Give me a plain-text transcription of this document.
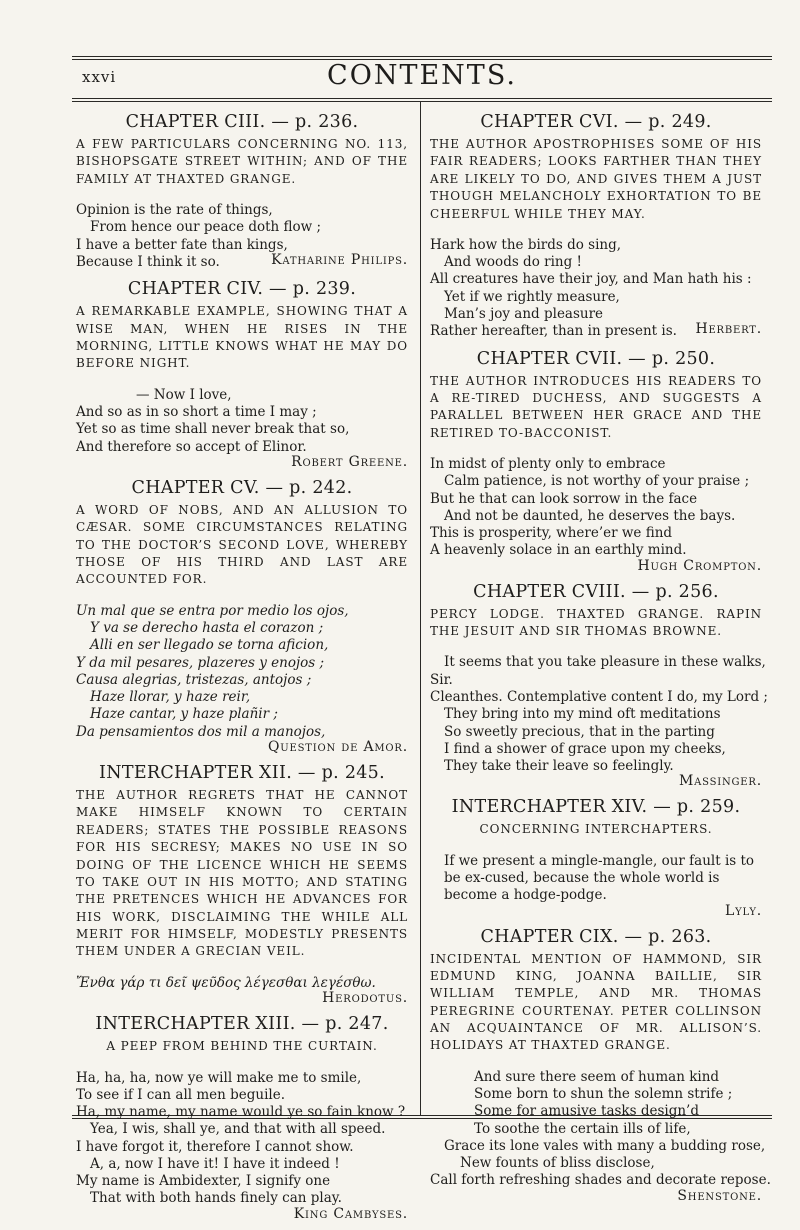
xxvi	CONTENTS.
CHAPTER CIII. — p. 236.
A FEW PARTICULARS CONCERNING NO. 113, BISHOPSGATE STREET WITHIN; AND OF THE FAMILY AT THAXTED GRANGE.
Opinion is the rate of things,
From hence our peace doth flow ;
I have a better fate than kings,
Because I think it so.	Katharine Philips.
CHAPTER CIV. — p. 239.
A REMARKABLE EXAMPLE, SHOWING THAT A WISE MAN, WHEN HE RISES IN THE MORNING, LITTLE KNOWS WHAT HE MAY DO BEFORE NIGHT.
— Now I love,
And so as in so short a time I may ;
Yet so as time shall never break that so,
And therefore so accept of Elinor.
Robert Greene.
CHAPTER CV. — p. 242.
A WORD OF NOBS, AND AN ALLUSION TO CÆSAR. SOME CIRCUMSTANCES RELATING TO THE DOCTOR’S SECOND LOVE, WHEREBY THOSE OF HIS THIRD AND LAST ARE ACCOUNTED FOR.
Un mal que se entra por medio los ojos,
Y va se derecho hasta el corazon ;
Alli en ser llegado se torna aficion,
Y da mil pesares, plazeres y enojos ;
Causa alegrias, tristezas, antojos ;
Haze llorar, y haze reir,
Haze cantar, y haze plañir ;
Da pensamientos dos mil a manojos,
Question de Amor.
INTERCHAPTER XII. — p. 245.
THE AUTHOR REGRETS THAT HE CANNOT MAKE HIMSELF KNOWN TO CERTAIN READERS; STATES THE POSSIBLE REASONS FOR HIS SECRESY; MAKES NO USE IN SO DOING OF THE LICENCE WHICH HE SEEMS TO TAKE OUT IN HIS MOTTO; AND STATING THE PRETENCES WHICH HE ADVANCES FOR HIS WORK, DISCLAIMING THE WHILE ALL MERIT FOR HIMSELF, MODESTLY PRESENTS THEM UNDER A GRECIAN VEIL.
Ἔνθα γάρ τι δεῖ ψεῦδος λέγεσθαι λεγέσθω.
Herodotus.
INTERCHAPTER XIII. — p. 247.
A PEEP FROM BEHIND THE CURTAIN.
Ha, ha, ha, now ye will make me to smile,
To see if I can all men beguile.
Ha, my name, my name would ye so fain know ?
Yea, I wis, shall ye, and that with all speed.
I have forgot it, therefore I cannot show.
A, a, now I have it! I have it indeed !
My name is Ambidexter, I signify one
That with both hands finely can play.
King Cambyses.
CHAPTER CVI. — p. 249.
THE AUTHOR APOSTROPHISES SOME OF HIS FAIR READERS; LOOKS FARTHER THAN THEY ARE LIKELY TO DO, AND GIVES THEM A JUST THOUGH MELANCHOLY EXHORTATION TO BE CHEERFUL WHILE THEY MAY.
Hark how the birds do sing,
And woods do ring !
All creatures have their joy, and Man hath his :
Yet if we rightly measure,
Man’s joy and pleasure
Rather hereafter, than in present is. Herbert.
CHAPTER CVII. — p. 250.
THE AUTHOR INTRODUCES HIS READERS TO A RE-TIRED DUCHESS, AND SUGGESTS A PARALLEL BETWEEN HER GRACE AND THE RETIRED TO-BACCONIST.
In midst of plenty only to embrace
Calm patience, is not worthy of your praise ;
But he that can look sorrow in the face
And not be daunted, he deserves the bays.
This is prosperity, where’er we find
A heavenly solace in an earthly mind.
Hugh Crompton.
CHAPTER CVIII. — p. 256.
PERCY LODGE. THAXTED GRANGE. RAPIN THE JESUIT AND SIR THOMAS BROWNE.
It seems that you take pleasure in these walks,
Sir.
Cleanthes. Contemplative content I do, my Lord ;
They bring into my mind oft meditations
So sweetly precious, that in the parting
I find a shower of grace upon my cheeks,
They take their leave so feelingly.
Massinger.
INTERCHAPTER XIV. — p. 259.
CONCERNING INTERCHAPTERS.
If we present a mingle-mangle, our fault is to be ex-cused, because the whole world is become a hodge-podge.
Lyly.
CHAPTER CIX. — p. 263.
INCIDENTAL MENTION OF HAMMOND, SIR EDMUND KING, JOANNA BAILLIE, SIR WILLIAM TEMPLE, AND MR. THOMAS PEREGRINE COURTENAY. PETER COLLINSON AN ACQUAINTANCE OF MR. ALLISON’S. HOLIDAYS AT THAXTED GRANGE.
And sure there seem of human kind
Some born to shun the solemn strife ;
Some for amusive tasks design’d
To soothe the certain ills of life,
Grace its lone vales with many a budding rose,
New founts of bliss disclose,
Call forth refreshing shades and decorate repose.
Shenstone.
